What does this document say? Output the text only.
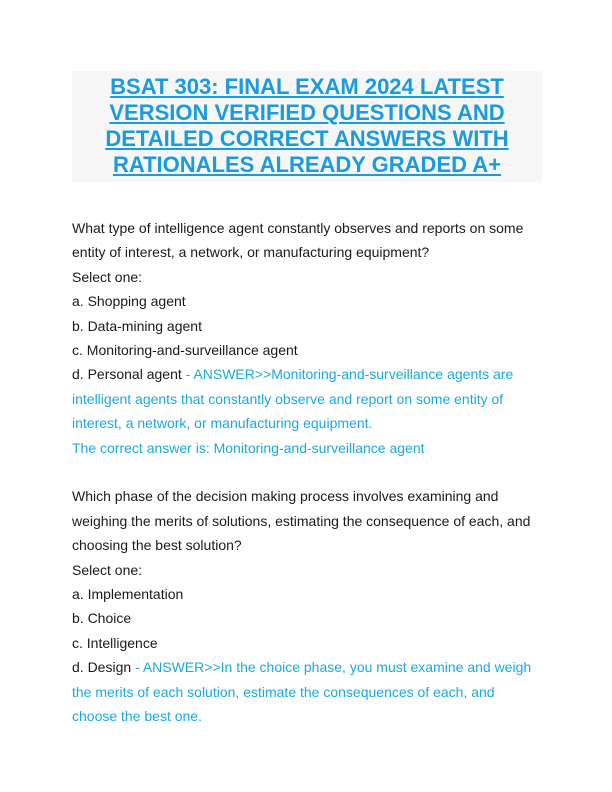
BSAT 303: FINAL EXAM 2024 LATEST
VERSION VERIFIED QUESTIONS AND
DETAILED CORRECT ANSWERS WITH
RATIONALES ALREADY GRADED A+
What type of intelligence agent constantly observes and reports on some
entity of interest, a network, or manufacturing equipment?
Select one:
a. Shopping agent
b. Data-mining agent
c. Monitoring-and-surveillance agent
d. Personal agent - ANSWER>>Monitoring-and-surveillance agents are
intelligent agents that constantly observe and report on some entity of
interest, a network, or manufacturing equipment.
The correct answer is: Monitoring-and-surveillance agent
Which phase of the decision making process involves examining and
weighing the merits of solutions, estimating the consequence of each, and
choosing the best solution?
Select one:
a. Implementation
b. Choice
c. Intelligence
d. Design - ANSWER>>In the choice phase, you must examine and weigh
the merits of each solution, estimate the consequences of each, and
choose the best one.
